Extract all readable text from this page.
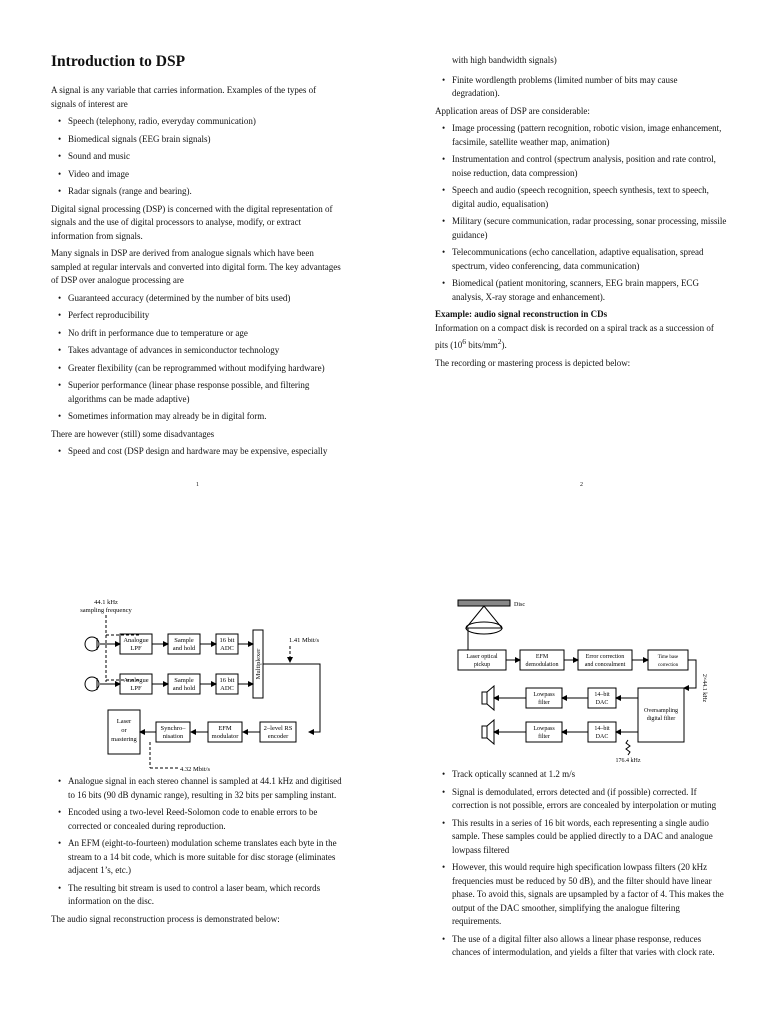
Introduction to DSP

A signal is any variable that carries information. Examples of the types of signals of interest are

• Speech (telephony, radio, everyday communication)
• Biomedical signals (EEG brain signals)
• Sound and music
• Video and image
• Radar signals (range and bearing).

Digital signal processing (DSP) is concerned with the digital representation of signals and the use of digital processors to analyse, modify, or extract information from signals.

Many signals in DSP are derived from analogue signals which have been sampled at regular intervals and converted into digital form. The key advantages of DSP over analogue processing are

• Guaranteed accuracy (determined by the number of bits used)
• Perfect reproducibility
• No drift in performance due to temperature or age
• Takes advantage of advances in semiconductor technology
• Greater flexibility (can be reprogrammed without modifying hardware)
• Superior performance (linear phase response possible, and filtering algorithms can be made adaptive)
• Sometimes information may already be in digital form.

There are however (still) some disadvantages

• Speed and cost (DSP design and hardware may be expensive, especially
1
with high bandwidth signals)
• Finite wordlength problems (limited number of bits may cause degradation).

Application areas of DSP are considerable:

• Image processing (pattern recognition, robotic vision, image enhancement, facsimile, satellite weather map, animation)
• Instrumentation and control (spectrum analysis, position and rate control, noise reduction, data compression)
• Speech and audio (speech recognition, speech synthesis, text to speech, digital audio, equalisation)
• Military (secure communication, radar processing, sonar processing, missile guidance)
• Telecommunications (echo cancellation, adaptive equalisation, spread spectrum, video conferencing, data communication)
• Biomedical (patient monitoring, scanners, EEG brain mappers, ECG analysis, X-ray storage and enhancement).
Example: audio signal reconstruction in CDs

Information on a compact disk is recorded on a spiral track as a succession of pits ($10^6$ bits/$mm^2$).

The recording or mastering process is depicted below:

2
44.1 kHz
sampling frequency
Analogue
LPF
Sample
and hold
16 bit
ADC
Analogue
LPF
Sample
and hold
16 bit
ADC
Multiplexer
1.41 Mbit/s
2–level RS
encoder
EFM
modulator
Synchro–
nisation
Laser
or
mastering
4.32 Mbit/s
• Analogue signal in each stereo channel is sampled at 44.1 kHz and digitised to 16 bits (90 dB dynamic range), resulting in 32 bits per sampling instant.
• Encoded using a two-level Reed-Solomon code to enable errors to be corrected or concealed during reproduction.
• An EFM (eight-to-fourteen) modulation scheme translates each byte in the stream to a 14 bit code, which is more suitable for disc storage (eliminates adjacent 1’s, etc.)
• The resulting bit stream is used to control a laser beam, which records information on the disc.

The audio signal reconstruction process is demonstrated below:

Disc
Laser optical
pickup
EFM
demodulation
Error correction
and concealment
Time base
correction
2×44.1 kHz
Oversampling
digital filter
14–bit
DAC
Lowpass
filter
14–bit
DAC
Lowpass
filter
176.4 kHz
• Track optically scanned at 1.2 m/s
• Signal is demodulated, errors detected and (if possible) corrected. If correction is not possible, errors are concealed by interpolation or muting
• This results in a series of 16 bit words, each representing a single audio sample. These samples could be applied directly to a DAC and analogue lowpass filtered
• However, this would require high specification lowpass filters (20 kHz frequencies must be reduced by 50 dB), and the filter should have linear phase. To avoid this, signals are upsampled by a factor of 4. This makes the output of the DAC smoother, simplifying the analogue filtering requirements.
• The use of a digital filter also allows a linear phase response, reduces chances of intermodulation, and yields a filter that varies with clock rate.
